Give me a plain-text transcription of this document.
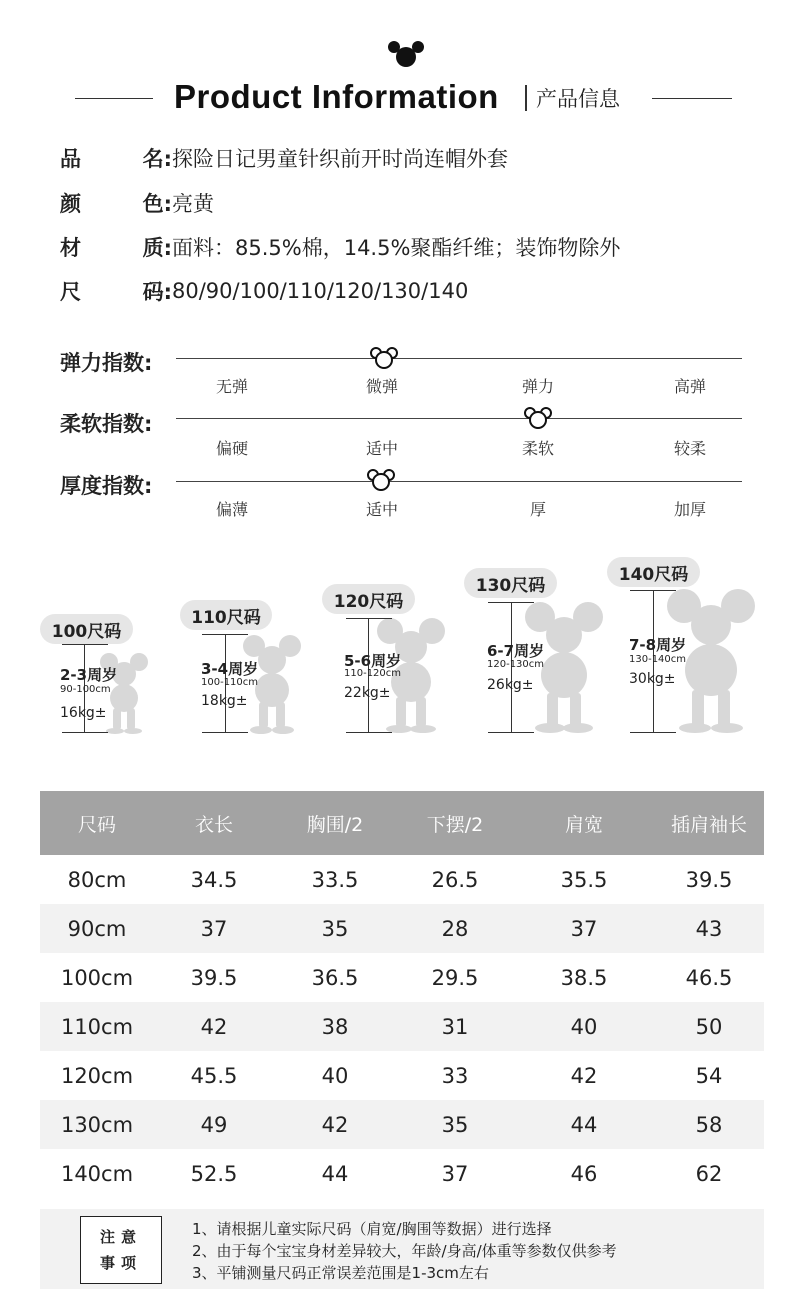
Product Information 产品信息
品	名: 探险日记男童针织前开时尚连帽外套
颜	色: 亮黄
材	质: 面料：85.5%棉，14.5%聚酯纤维；装饰物除外
尺	码: 80/90/100/110/120/130/140
弹力指数:
无弹	微弹	弹力	高弹
柔软指数:
偏硬	适中	柔软	较柔
厚度指数:
偏薄	适中	厚	加厚
100尺码
2-3周岁
90-100cm
16kg±
110尺码
3-4周岁
100-110cm
18kg±
120尺码
5-6周岁
110-120cm
22kg±
130尺码
6-7周岁
120-130cm
26kg±
140尺码
7-8周岁
130-140cm
30kg±
尺码	衣长	胸围/2	下摆/2	肩宽	插肩袖长
80cm	34.5	33.5	26.5	35.5	39.5
90cm	37	35	28	37	43
100cm	39.5	36.5	29.5	38.5	46.5
110cm	42	38	31	40	50
120cm	45.5	40	33	42	54
130cm	49	42	35	44	58
140cm	52.5	44	37	46	62
注意
事项
1、请根据儿童实际尺码（肩宽/胸围等数据）进行选择
2、由于每个宝宝身材差异较大，年龄/身高/体重等参数仅供参考
3、平铺测量尺码正常误差范围是1-3cm左右
